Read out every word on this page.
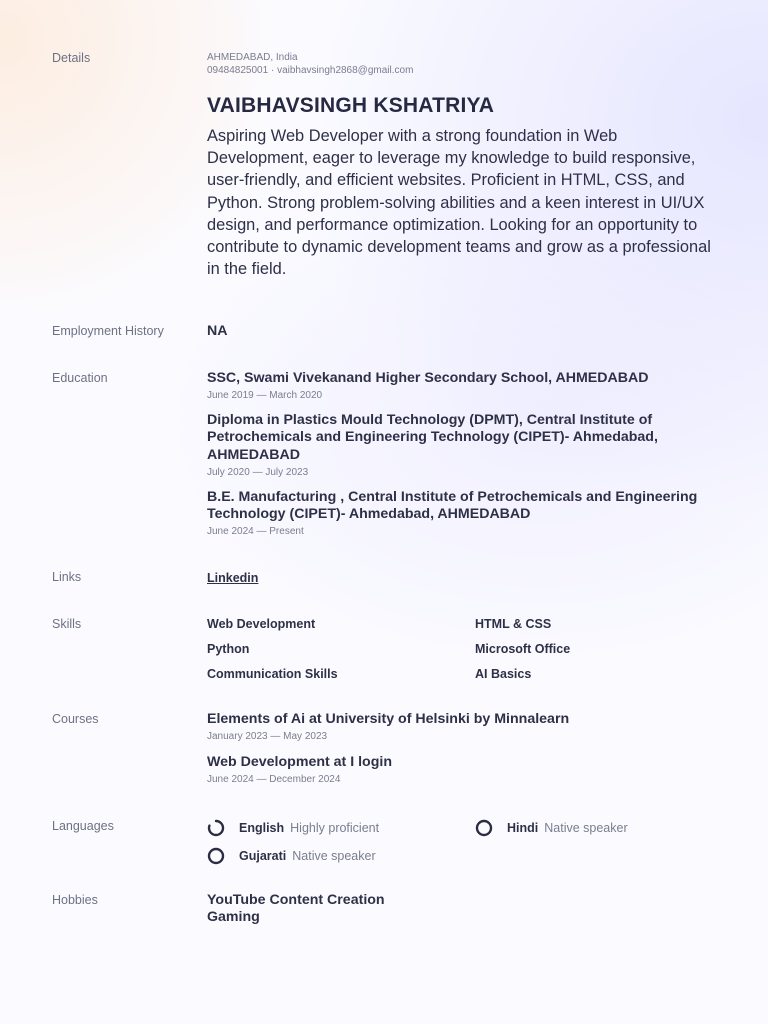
Details	AHMEDABAD, India
09484825001 · vaibhavsingh2868@gmail.com
VAIBHAVSINGH KSHATRIYA
Aspiring Web Developer with a strong foundation in Web Development, eager to leverage my knowledge to build responsive, user-friendly, and efficient websites. Proficient in HTML, CSS, and Python. Strong problem-solving abilities and a keen interest in UI/UX design, and performance optimization. Looking for an opportunity to contribute to dynamic development teams and grow as a professional in the field.
Employment History	NA
Education	SSC, Swami Vivekanand Higher Secondary School, AHMEDABAD
June 2019 — March 2020
Diploma in Plastics Mould Technology (DPMT), Central Institute of Petrochemicals and Engineering Technology (CIPET)- Ahmedabad, AHMEDABAD
July 2020 — July 2023
B.E. Manufacturing , Central Institute of Petrochemicals and Engineering Technology (CIPET)- Ahmedabad, AHMEDABAD
June 2024 — Present
Links	Linkedin
Skills	Web Development	HTML & CSS
Python	Microsoft Office
Communication Skills	AI Basics
Courses	Elements of Ai at University of Helsinki by Minnalearn
January 2023 — May 2023
Web Development at I login
June 2024 — December 2024
Languages	English Highly proficient	Hindi Native speaker
Gujarati Native speaker
Hobbies	YouTube Content Creation
Gaming
